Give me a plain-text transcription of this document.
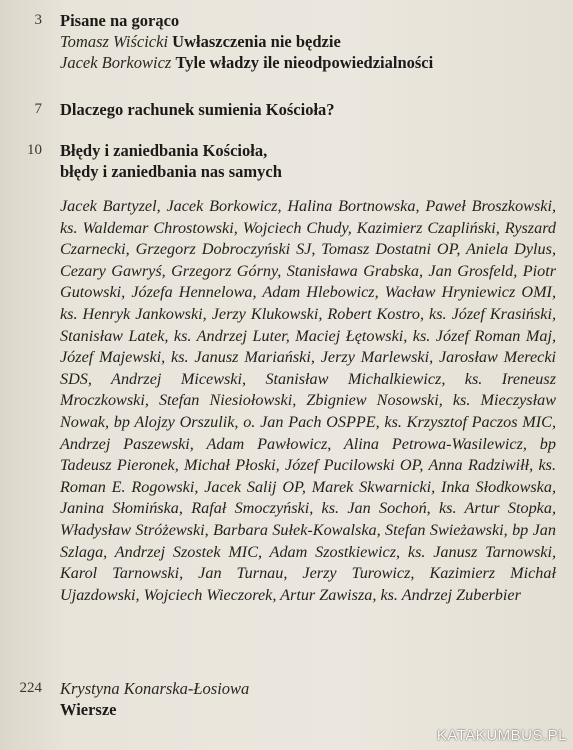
3 Pisane na gorąco

Tomasz Wiścicki Uwłaszczenia nie będzie

Jacek Borkowicz Tyle władzy ile nieodpowiedzialności

7 Dlaczego rachunek sumienia Kościoła?

10 Błędy i zaniedbania Kościoła,

błędy i zaniedbania nas samych

Jacek Bartyzel, Jacek Borkowicz, Halina Bortnowska, Paweł Broszkowski, ks. Waldemar Chrostowski, Wojciech Chudy, Kazimierz Czapliński, Ryszard Czarnecki, Grzegorz Dobroczyński SJ, Tomasz Dostatni OP, Aniela Dylus, Cezary Gawryś, Grzegorz Górny, Stanisława Grabska, Jan Grosfeld, Piotr Gutowski, Józefa Hennelowa, Adam Hlebowicz, Wacław Hryniewicz OMI, ks. Henryk Jankowski, Jerzy Klukowski, Robert Kostro, ks. Józef Krasiński, Stanisław Latek, ks. Andrzej Luter, Maciej Łętowski, ks. Józef Roman Maj, Józef Majewski, ks. Janusz Mariański, Jerzy Marlewski, Jarosław Merecki SDS, Andrzej Micewski, Stanisław Michalkiewicz, ks. Ireneusz Mroczkowski, Stefan Niesiołowski, Zbigniew Nosowski, ks. Mieczysław Nowak, bp Alojzy Orszulik, o. Jan Pach OSPPE, ks. Krzysztof Paczos MIC, Andrzej Paszewski, Adam Pawłowicz, Alina Petrowa-Wasilewicz, bp Tadeusz Pieronek, Michał Płoski, Józef Pucilowski OP, Anna Radziwiłł, ks. Roman E. Rogowski, Jacek Salij OP, Marek Skwarnicki, Inka Słodkowska, Janina Słomińska, Rafał Smoczyński, ks. Jan Sochoń, ks. Artur Stopka, Władysław Stróżewski, Barbara Sułek-Kowalska, Stefan Swieżawski, bp Jan Szlaga, Andrzej Szostek MIC, Adam Szostkiewicz, ks. Janusz Tarnowski, Karol Tarnowski, Jan Turnau, Jerzy Turowicz, Kazimierz Michał Ujazdowski, Wojciech Wieczorek, Artur Zawisza, ks. Andrzej Zuberbier

224 Krystyna Konarska-Łosiowa

Wiersze

KATAKUMBUS.PL
